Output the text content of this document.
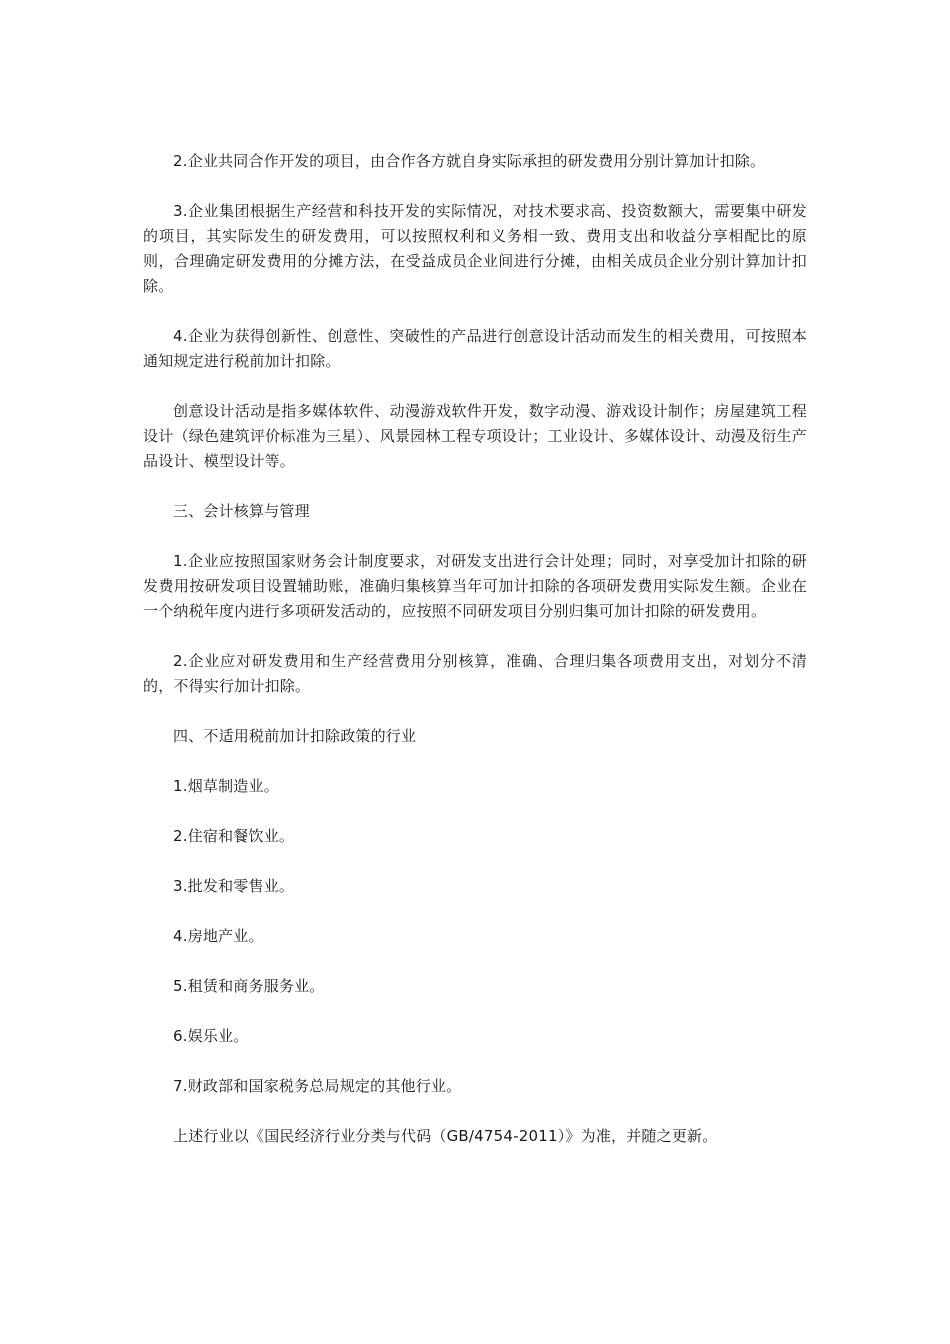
2.企业共同合作开发的项目，由合作各方就自身实际承担的研发费用分别计算加计扣除。

3.企业集团根据生产经营和科技开发的实际情况，对技术要求高、投资数额大，需要集中研发的项目，其实际发生的研发费用，可以按照权利和义务相一致、费用支出和收益分享相配比的原则，合理确定研发费用的分摊方法，在受益成员企业间进行分摊，由相关成员企业分别计算加计扣除。

4.企业为获得创新性、创意性、突破性的产品进行创意设计活动而发生的相关费用，可按照本通知规定进行税前加计扣除。

创意设计活动是指多媒体软件、动漫游戏软件开发，数字动漫、游戏设计制作；房屋建筑工程设计（绿色建筑评价标准为三星）、风景园林工程专项设计；工业设计、多媒体设计、动漫及衍生产品设计、模型设计等。

三、会计核算与管理

1.企业应按照国家财务会计制度要求，对研发支出进行会计处理；同时，对享受加计扣除的研发费用按研发项目设置辅助账，准确归集核算当年可加计扣除的各项研发费用实际发生额。企业在一个纳税年度内进行多项研发活动的，应按照不同研发项目分别归集可加计扣除的研发费用。

2.企业应对研发费用和生产经营费用分别核算，准确、合理归集各项费用支出，对划分不清的，不得实行加计扣除。

四、不适用税前加计扣除政策的行业

1.烟草制造业。

2.住宿和餐饮业。

3.批发和零售业。

4.房地产业。

5.租赁和商务服务业。

6.娱乐业。

7.财政部和国家税务总局规定的其他行业。

上述行业以《国民经济行业分类与代码（GB/4754-2011）》为准，并随之更新。
